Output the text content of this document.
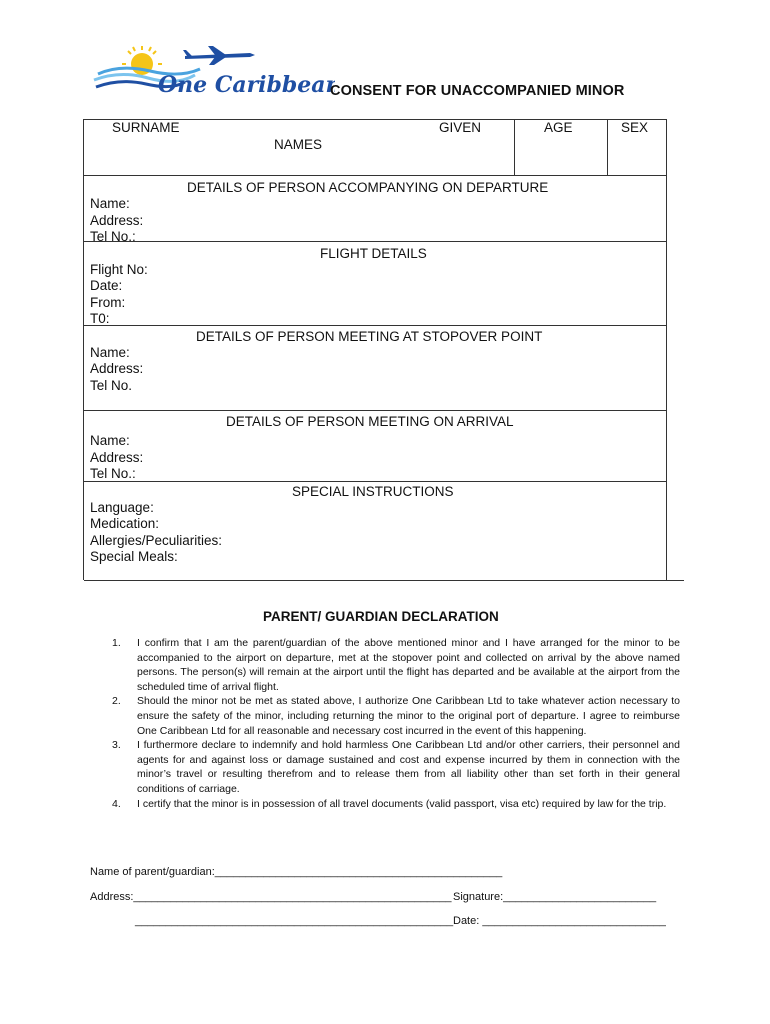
One Caribbean
CONSENT FOR UNACCOMPANIED MINOR
SURNAME	GIVEN
NAMES
AGE	SEX
DETAILS OF PERSON ACCOMPANYING ON DEPARTURE
Name:
Address:
Tel No.:
FLIGHT DETAILS
Flight No:
Date:
From:
T0:
DETAILS OF PERSON MEETING AT STOPOVER POINT
Name:
Address:
Tel No.
DETAILS OF PERSON MEETING ON ARRIVAL
Name:
Address:
Tel No.:
SPECIAL INSTRUCTIONS
Language:
Medication:
Allergies/Peculiarities:
Special Meals:
PARENT/ GUARDIAN DECLARATION
1. I confirm that I am the parent/guardian of the above mentioned minor and I have arranged for the minor to be accompanied to the airport on departure, met at the stopover point and collected on arrival by the above named persons. The person(s) will remain at the airport until the flight has departed and be available at the airport from the scheduled time of arrival flight.
2. Should the minor not be met as stated above, I authorize One Caribbean Ltd to take whatever action necessary to ensure the safety of the minor, including returning the minor to the original port of departure. I agree to reimburse One Caribbean Ltd for all reasonable and necessary cost incurred in the event of this happening.
3. I furthermore declare to indemnify and hold harmless One Caribbean Ltd and/or other carriers, their personnel and agents for and against loss or damage sustained and cost and expense incurred by them in connection with the minor’s travel or resulting therefrom and to release them from all liability other than set forth in their general conditions of carriage.
4. I certify that the minor is in possession of all travel documents (valid passport, visa etc) required by law for the trip.
Name of parent/guardian:_______________________________________________
Address:____________________________________________________
____________________________________________________
Signature:_________________________
Date: ______________________________
